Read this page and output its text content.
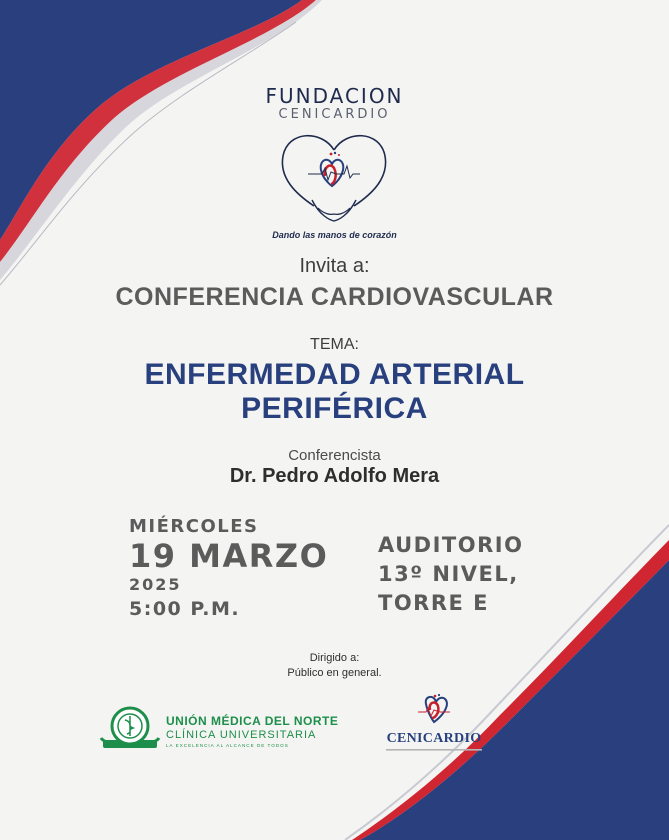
FUNDACION
CENICARDIO
Dando las manos de corazón
Invita a:
CONFERENCIA CARDIOVASCULAR
TEMA:
ENFERMEDAD ARTERIAL
PERIFÉRICA
Conferencista
Dr. Pedro Adolfo Mera
MIÉRCOLES
19 MARZO
2025
5:00 P.M.
AUDITORIO
13º NIVEL,
TORRE E
Dirigido a:
Público en general.
UNIÓN MÉDICA DEL NORTE
CLÍNICA UNIVERSITARIA
LA EXCELENCIA AL ALCANCE DE TODOS	CENICARDIO
